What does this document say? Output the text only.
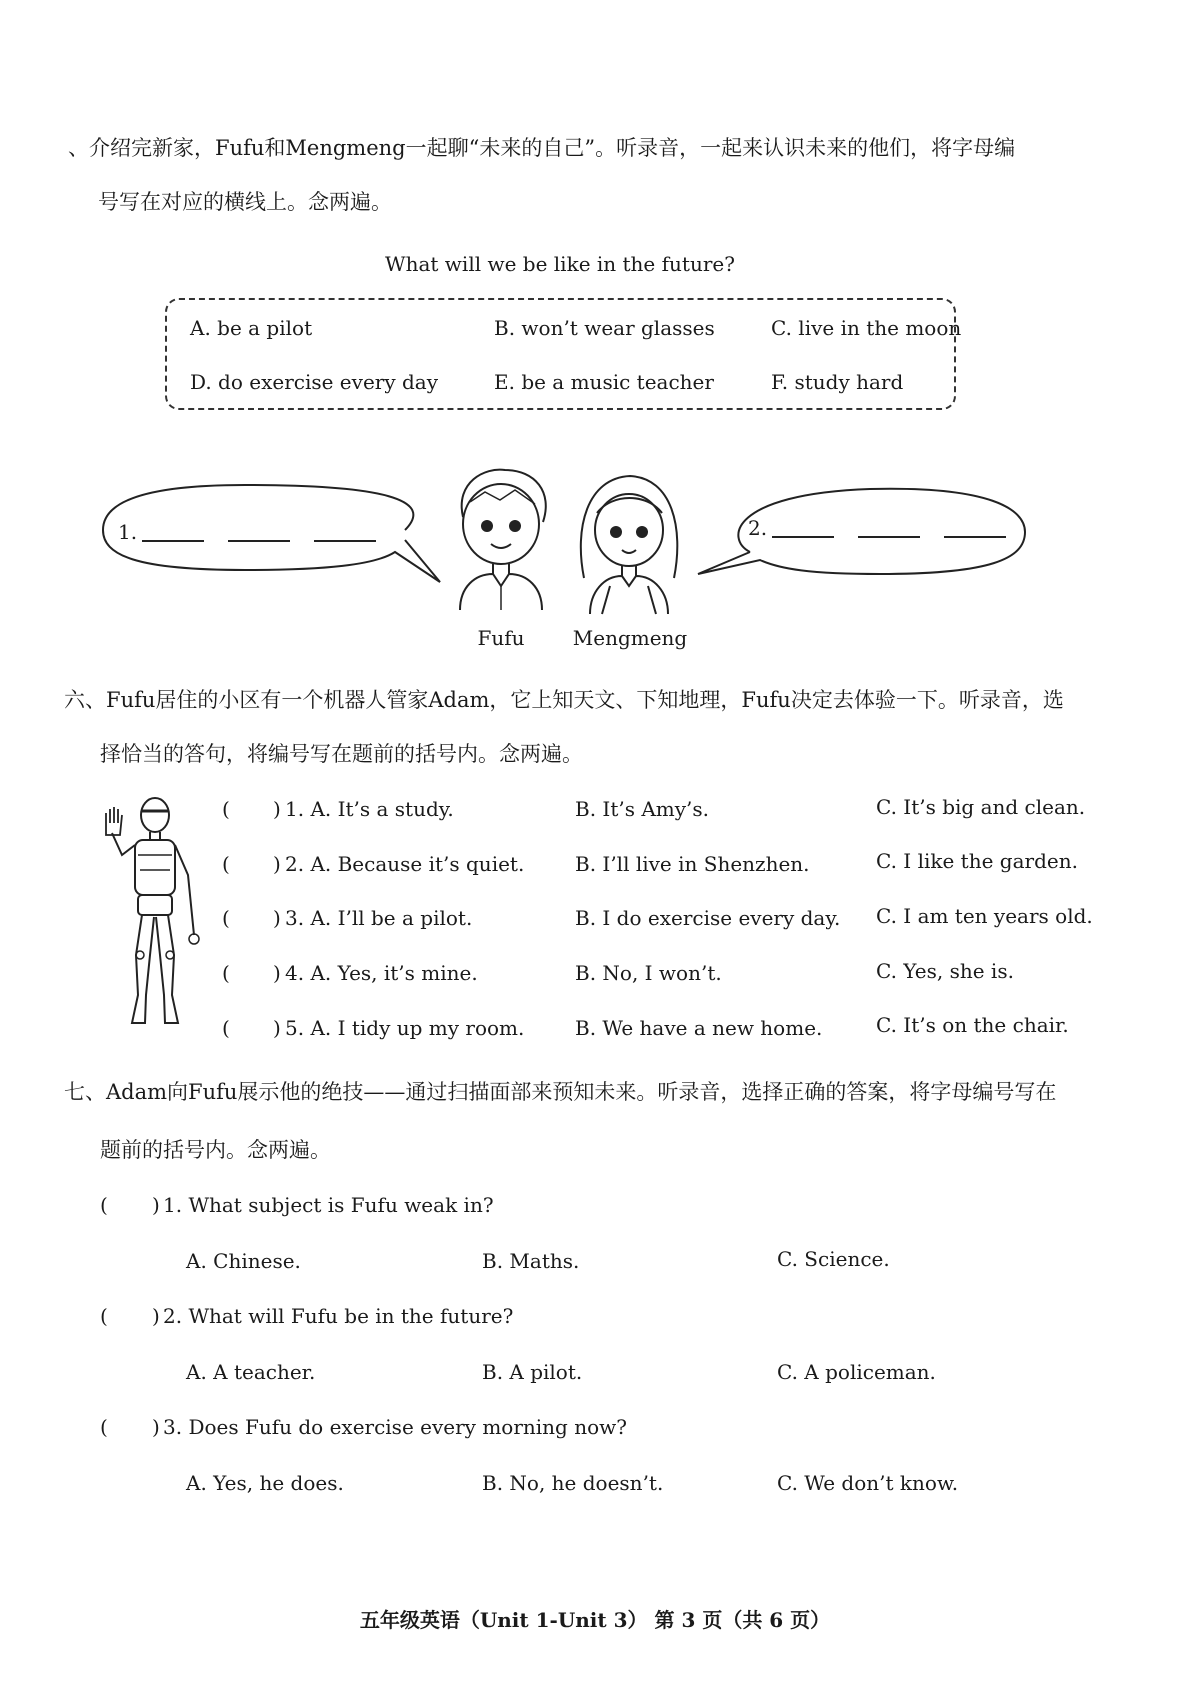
、介绍完新家，Fufu和Mengmeng一起聊“未来的自己”。听录音，一起来认识未来的他们，将字母编
号写在对应的横线上。念两遍。
What will we be like in the future?
A. be a pilot	B. won’t wear glasses	C. live in the moon
D. do exercise every day	E. be a music teacher	F. study hard
1.	2.
Fufu	Mengmeng
六、Fufu居住的小区有一个机器人管家Adam，它上知天文、下知地理，Fufu决定去体验一下。听录音，选
择恰当的答句，将编号写在题前的括号内。念两遍。
( ) 1. A. It’s a study.	B. It’s Amy’s.	C. It’s big and clean.
( ) 2. A. Because it’s quiet.	B. I’ll live in Shenzhen.	C. I like the garden.
( ) 3. A. I’ll be a pilot.	B. I do exercise every day. C. I am ten years old.
( ) 4. A. Yes, it’s mine.	B. No, I won’t.	C. Yes, she is.
( ) 5. A. I tidy up my room.	B. We have a new home.	C. It’s on the chair.
七、Adam向Fufu展示他的绝技——通过扫描面部来预知未来。听录音，选择正确的答案，将字母编号写在
题前的括号内。念两遍。
( ) 1. What subject is Fufu weak in?
A. Chinese.	B. Maths.	C. Science.
( ) 2. What will Fufu be in the future?
A. A teacher.	B. A pilot.	C. A policeman.
( ) 3. Does Fufu do exercise every morning now?
A. Yes, he does.	B. No, he doesn’t.	C. We don’t know.
五年级英语（Unit 1-Unit 3） 第 3 页（共 6 页）
